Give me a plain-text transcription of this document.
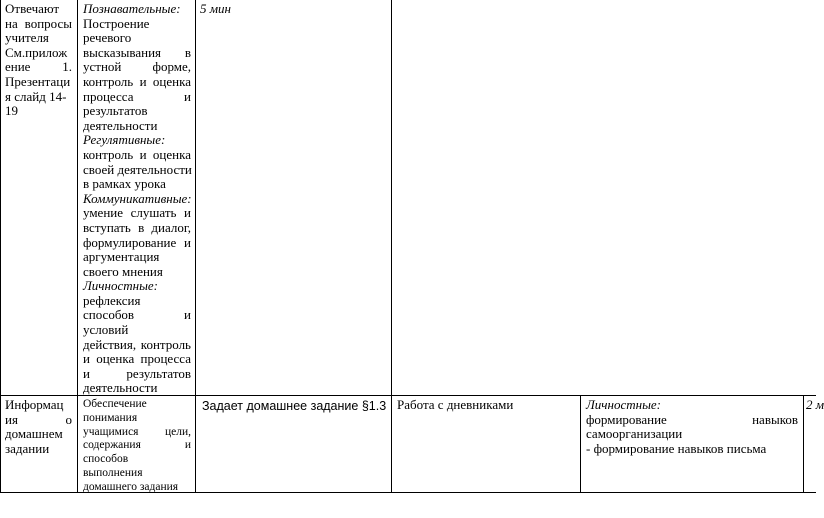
Отвечают
на вопросы
учителя
См.прилож
ение 1.
Презентаци
я слайд 14-
19
Познавательные:
Построение
речевого
высказывания в
устной форме,
контроль и оценка
процесса и
результатов
деятельности
Регулятивные:
контроль и оценка
своей деятельности
в рамках урока
Коммуникативные:
умение слушать и
вступать в диалог,
формулирование и
аргументация
своего мнения
Личностные:
рефлексия
способов и
условий
действия, контроль
и оценка процесса
и результатов
деятельности
5 мин
Информац
ия о
домашнем
задании
Обеспечение
понимания
учащимися цели,
содержания и
способов
выполнения
домашнего задания
Задает домашнее задание §1.3 Работа с дневниками	Личностные:
формирование навыков
самоорганизации
- формирование навыков письма
2 м
